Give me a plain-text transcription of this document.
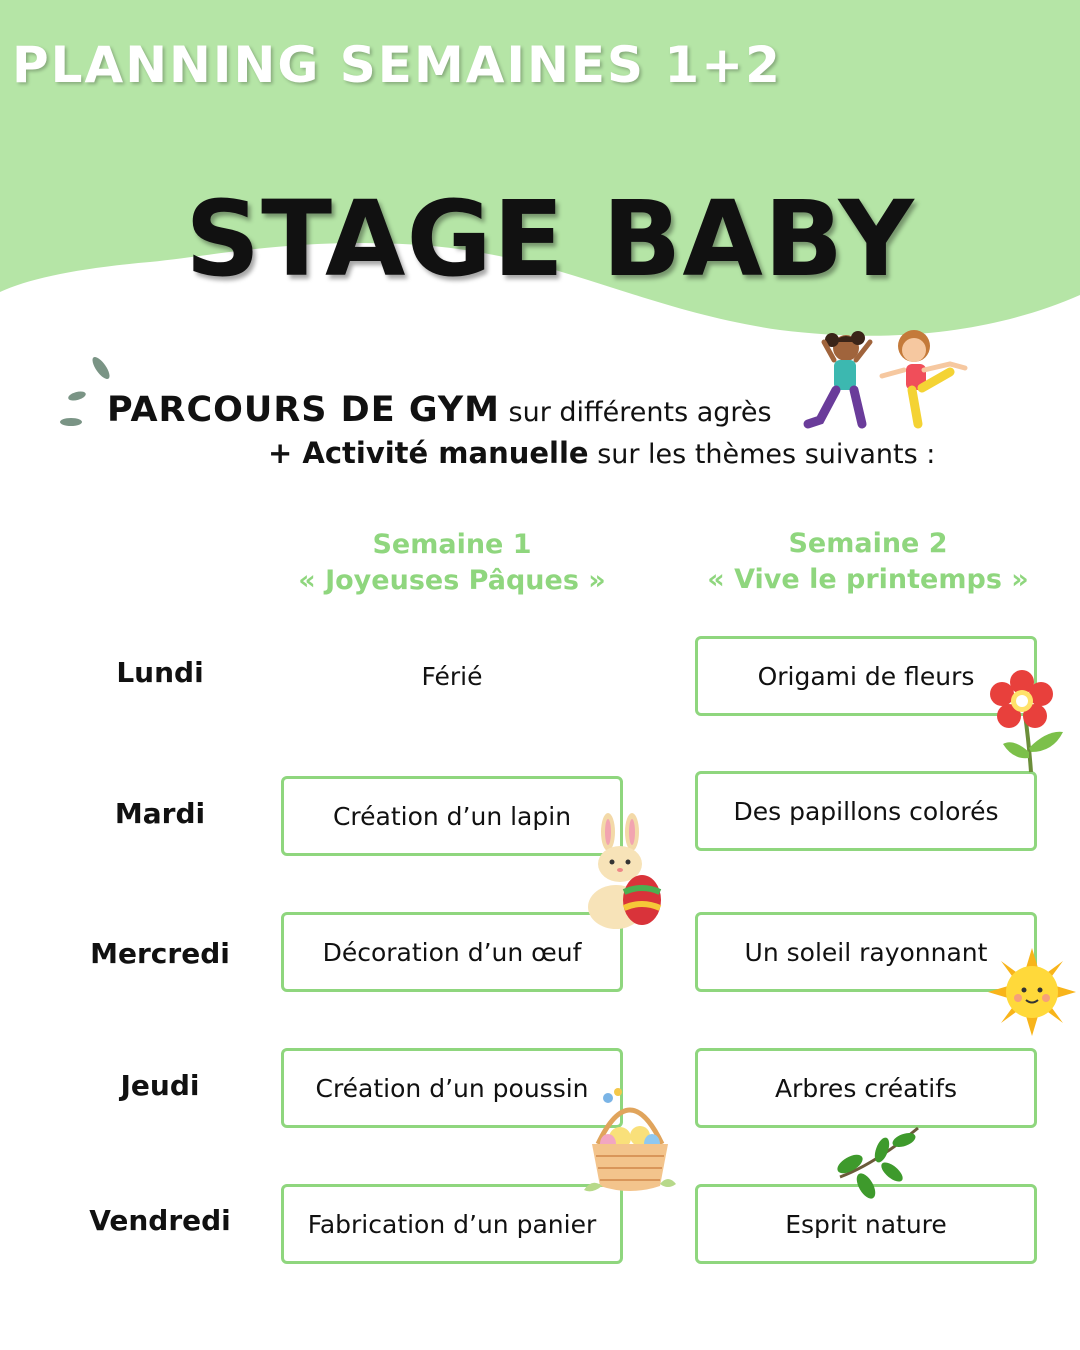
PLANNING SEMAINES 1+2
STAGE BABY
PARCOURS DE GYM sur différents agrès
+ Activité manuelle sur les thèmes suivants :
Semaine 1
« Joyeuses Pâques »
Semaine 2
« Vive le printemps »
Lundi
Mardi
Mercredi
Jeudi
Vendredi
Férié
Création d’un lapin
Décoration d’un œuf
Création d’un poussin
Fabrication d’un panier
Origami de fleurs
Des papillons colorés
Un soleil rayonnant
Arbres créatifs
Esprit nature
